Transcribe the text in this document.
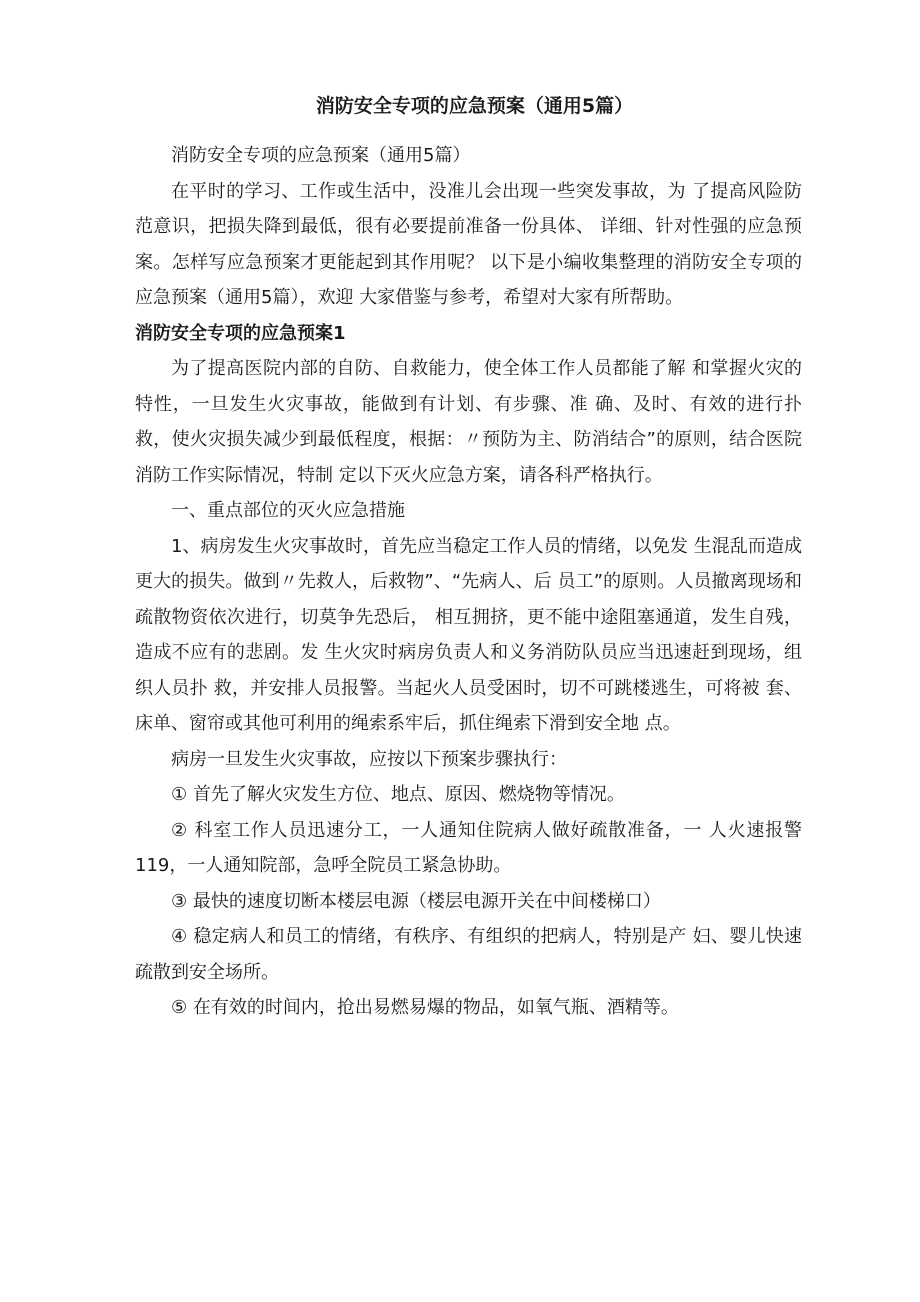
消防安全专项的应急预案（通用5篇）

消防安全专项的应急预案（通用5篇）

在平时的学习、工作或生活中，没准儿会出现一些突发事故，为 了提高风险防范意识，把损失降到最低，很有必要提前准备一份具体、 详细、针对性强的应急预案。怎样写应急预案才更能起到其作用呢？ 以下是小编收集整理的消防安全专项的应急预案（通用5篇），欢迎 大家借鉴与参考，希望对大家有所帮助。

消防安全专项的应急预案1

为了提高医院内部的自防、自救能力，使全体工作人员都能了解 和掌握火灾的特性，一旦发生火灾事故，能做到有计划、有步骤、准 确、及时、有效的进行扑救，使火灾损失减少到最低程度，根据：〃预防为主、防消结合”的原则，结合医院消防工作实际情况，特制 定以下灭火应急方案，请各科严格执行。

一、重点部位的灭火应急措施

1、病房发生火灾事故时，首先应当稳定工作人员的情绪，以免发 生混乱而造成更大的损失。做到〃先救人，后救物”、“先病人、后 员工”的原则。人员撤离现场和疏散物资依次进行，切莫争先恐后， 相互拥挤，更不能中途阻塞通道，发生自残，造成不应有的悲剧。发 生火灾时病房负责人和义务消防队员应当迅速赶到现场，组织人员扑 救，并安排人员报警。当起火人员受困时，切不可跳楼逃生，可将被 套、床单、窗帘或其他可利用的绳索系牢后，抓住绳索下滑到安全地 点。

病房一旦发生火灾事故，应按以下预案步骤执行：

① 首先了解火灾发生方位、地点、原因、燃烧物等情况。

② 科室工作人员迅速分工，一人通知住院病人做好疏散准备，一 人火速报警119，一人通知院部，急呼全院员工紧急协助。

③ 最快的速度切断本楼层电源（楼层电源开关在中间楼梯口）

④ 稳定病人和员工的情绪，有秩序、有组织的把病人，特别是产 妇、婴儿快速疏散到安全场所。

⑤ 在有效的时间内，抢出易燃易爆的物品，如氧气瓶、酒精等。
